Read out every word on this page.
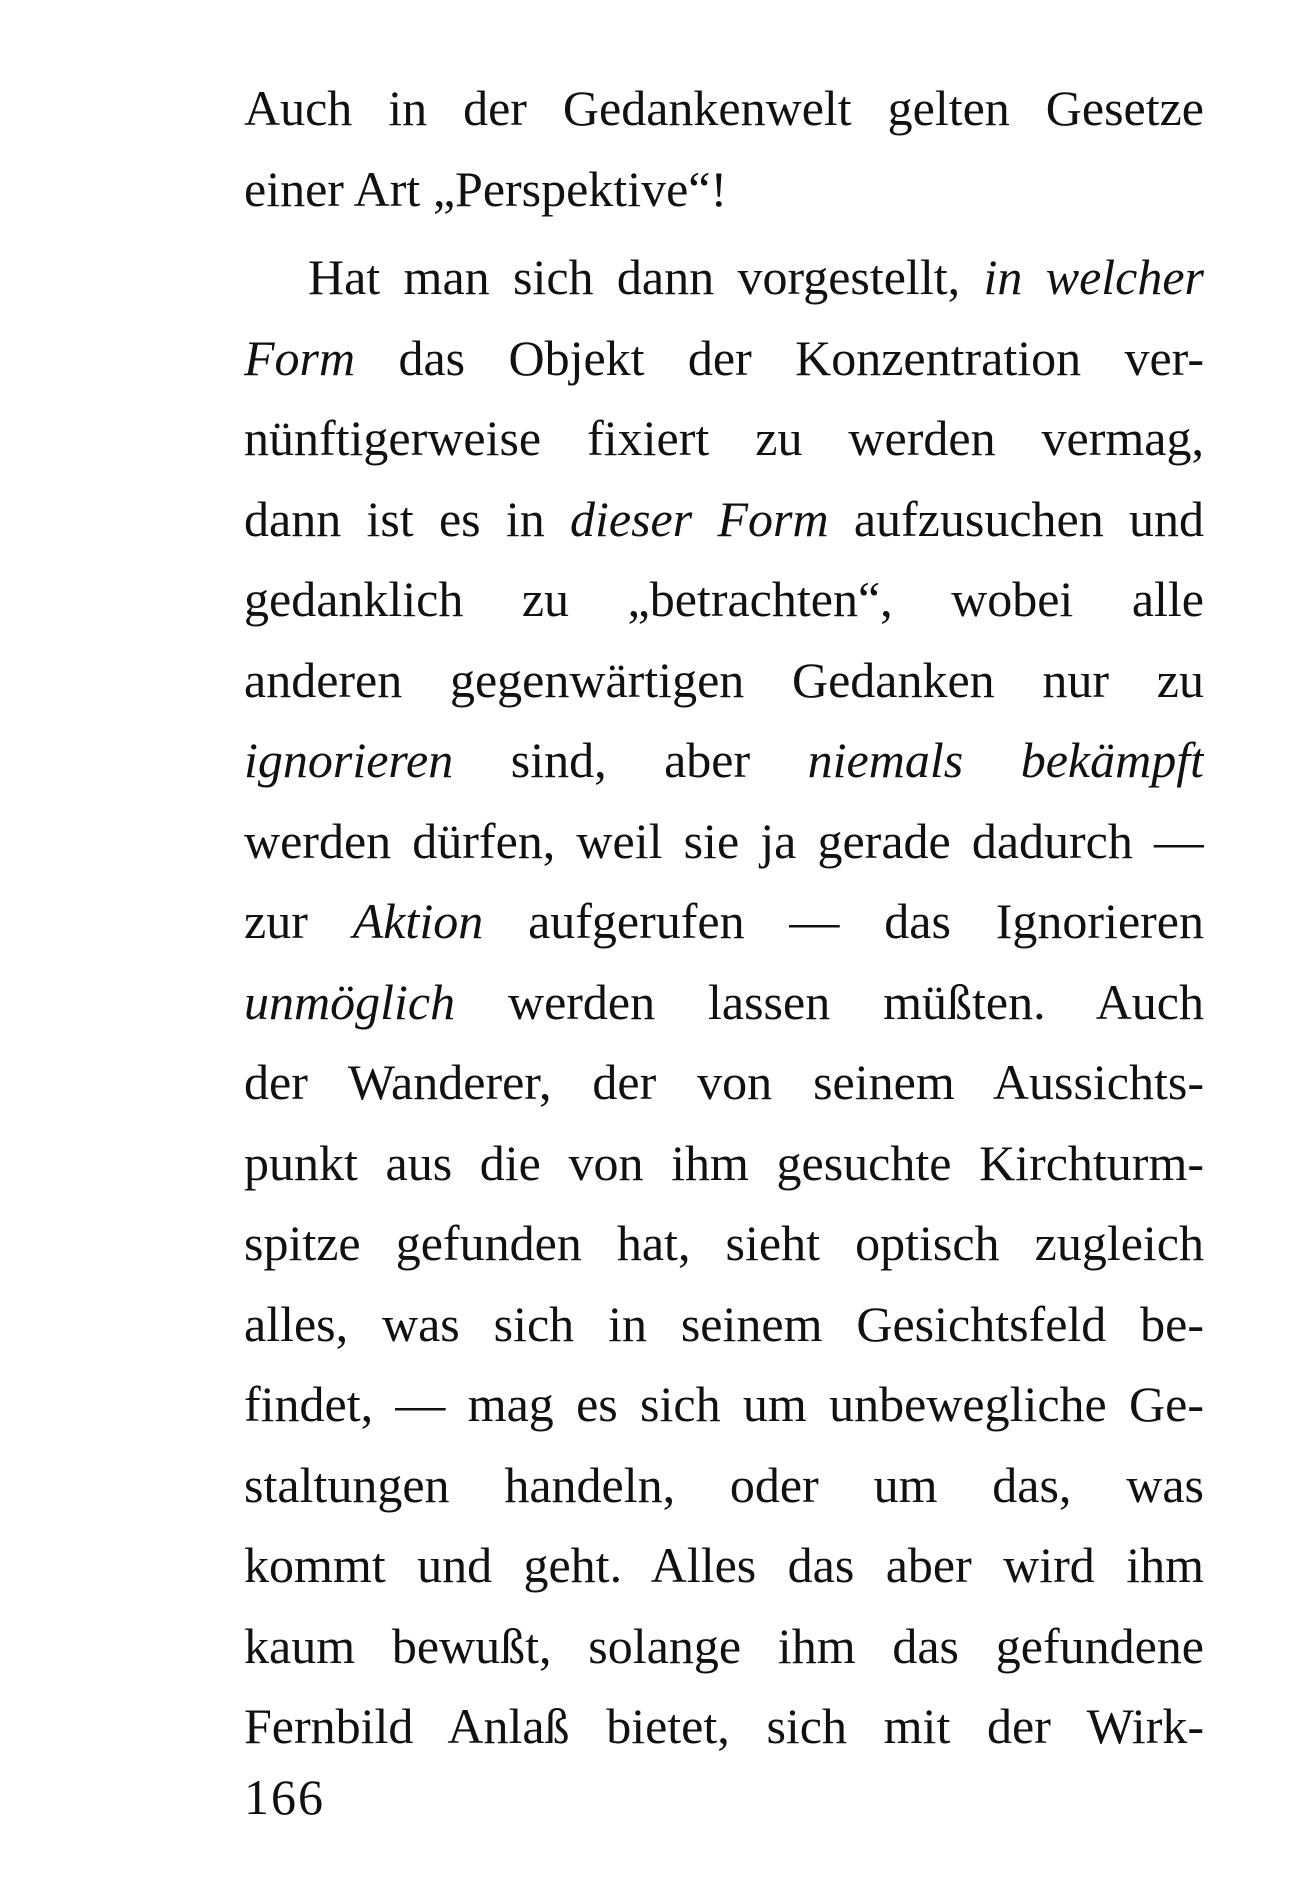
Auch in der Gedankenwelt gelten Gesetze
einer Art „Perspektive“!
Hat man sich dann vorgestellt, in welcher
Form das Objekt der Konzentration ver-
nünftigerweise fixiert zu werden vermag,
dann ist es in dieser Form aufzusuchen und
gedanklich zu „betrachten“, wobei alle
anderen gegenwärtigen Gedanken nur zu
ignorieren sind, aber niemals bekämpft
werden dürfen, weil sie ja gerade dadurch —
zur Aktion aufgerufen — das Ignorieren
unmöglich werden lassen müßten. Auch
der Wanderer, der von seinem Aussichts-
punkt aus die von ihm gesuchte Kirchturm-
spitze gefunden hat, sieht optisch zugleich
alles, was sich in seinem Gesichtsfeld be-
findet, — mag es sich um unbewegliche Ge-
staltungen handeln, oder um das, was
kommt und geht. Alles das aber wird ihm
kaum bewußt, solange ihm das gefundene
Fernbild Anlaß bietet, sich mit der Wirk-
166
